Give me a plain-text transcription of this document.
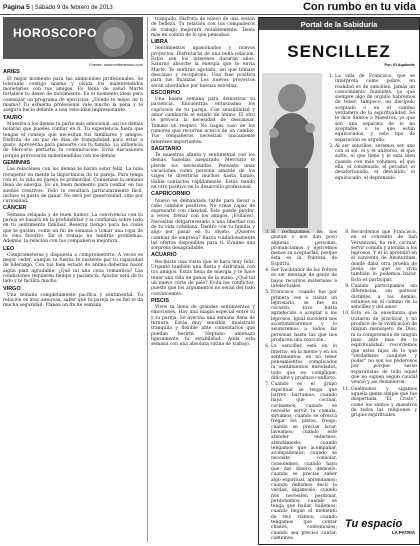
Página 5 | Sábado 9 de febrero de 2013	Con rumbo en tu vida
HOROSCOPO
Fuente: www.enfemenino.com
ARIES

El mejor momento para tus ambiciones profesionales. Se tolerante contigo misma y olvida los malentendidos monetarios con tus amigos. Es tema de salud Marte fortalece tu deseo de movimiento. Es el momento ideal para comenzar un programa de ejercicios. ¿Dónde te mejor de ti misma? Tu esfuerzo profesional vale mucho la pena y te asegura hacia delante a una velocidad impresionante.

TAURO

Muestra a los demás tu parte más emocional, así los demás notarán que puedes confiar en ti. Tu experiencia fuera que tengas el consejo que necesitan tus familiares y amigos. Disfruta de un par de días de tranquilidad para estar a gusto. Aprovecha para pasearte con tu familia. La influencia de Mercurio perturba tu comunicación. Evita discusiones porque provocarán malentendidos con los demás.

GEMINNIS

Las relaciones con los demás te harán estar feliz. La luna recuperar en mente la importancia de tu pareja. Para tenga con el, la vida en pareja es primordial. Comienzas la semana llena de energía. Es un buen momento para confiar en tus sueños creativos. Todo te resultará particularmente fácil, incluso el gusto de ganar. No será por generosidad, sino por curiosidad.

CÁNCER

Semana relajada y de buen humor. La convivencia con tu pareja se basará en la profundidad y la confianza sobre todo en tu sentimiento familiar. Reserva tiempo para las cosas que te gustan, como un fin de semana o tomar una copa de tu vino favorito. En el trabajo no tendrás problemas. Además, la relación con tus compañeros mejorará.

LEO

Comprometerse y dispuesta a comprometerte. A veces es mejor ceder, aunque tu fuerza te sustente por tu capacidad de liderazgo. Con tus bien estado de ánimo deberías hacer algún plan agradable. ¿Qué tal una cena romántica? Las condiciones requieren tiempo y paciencia. Ajustar será de tu lado y te facilita mucho.

VIRGO

Una semana completamente pacífica y sentimental. Tu relación es muy amorosa, saber que tu pareja te es fiel te da mucha seguridad. Planea un fin de semana

tranquilo. Disfruta de nuevo de una sesión de belleza. Tu relación con tus compañeros de trabajo mejorará notablemente. Tenés más en común de lo que pensabas.

LIBRA

Sentimientos apasionados y nuevos proyectos. Disfrutarás de una bella relación. Estos son los intereses durarán años. Saturno absorbe la energía que te envía Marte. Te sentirás agotada, así que tómate descanso y recupérate. Una fase positiva para tus finanzas. Los nuevos proyectos serán abordados por buenas estrellas.

ESCORPIO

Una buena semana para demostrar tu paciencia. Encuentras entusiasmo los caprichos de tu pareja. Con sensibilidad y amor cambiarás el estado de ánimo. El otro te provoca la necesidad de descansar. Tómate un respiro. No hagas caso de los rumores que recorren acerca de un cambio. Tus compañeros necesitan únicamente intereses importantes.

SAGITARIO

Te muestras afanta y sentimental con los demás. Sabehas asegurado, Mercurio te pierde los necesidades. Pensaste unas vacaciones como persona amante de los viajes te divertirás muchos hasta dando. Habla contactos rápidamente. Estás tiendo en otro positivo en lo desarrollo profesional.

CAPRICORNIO

Nuevo es demandado tarde para llevar a cabo cambios positivos. No creas capaz de expresarte con claridad. Esto puede perder, a veces, frenar con los amigos. ¡Evítalos!. Necesitas delgarteresado a una libertad con de tu vida cotidiana. Dentro con tu familia y algo por pasar en tu objeto. ¿Quieres cambiar de empresa? Busca cuidadosamente las ofertas disponibles para ti. Evaúne una sorpresa desagradable.

ACUARIO

Recibiste una visita que le hará muy feliz. Urgente también una fiesta y disfrútala con tus amigos. Estas llena de energía y te hace tener una vida de ganas de la mano. ¿Qué tal un nuevo corte de pelo? Evita los conflictos, puesto que los argumentos no serán del todo convincentes.

PISCIS

Vives tu llena de grandes sentimientos y emociones. Hay una magia especial entre tú y tu pareja. Se avecina una semana llena de ternura. Estás muy sensible, muéstrate tranquila y flexible ante comentarios que puedan herirte. Neptuno amenaza ligeramente tu estabilidad. Anda esta semana con una absoluta rutina de trabajo.

Portal de la Sabiduría
SENCILLEZ
Por: El Aquiloide
1. La vida de Francisco, que se interpreta como pobre, en realidad es de sencillez. Jamás un conocimiento humildes, ya que siempre algo de orgullo habremos de tener; tampoco, un discípulo aceptado o en el camino verdadero de la espiritualidad. Se le dice Santos o Maestros, ya que son una separata de lo no aceptable o le que están equivocados, y este tipo de separación es orgullo.
2. Al ser sencillos, seremos ser uno con el sol, el y el universo, el que sufre, el que tiene y le está bien cuando con más volumen, el que ella, el condenado, el pecador, el desafortunado, el desvalido, el equivocado, el deprensido.
3. Si rechazamos, no nos gustan o nos dan poco algunas personas, pronunciamos y ejercemos menos su aceptarlas, porque ésta es la Pobreza de Espíritu.
4. Ser Facilitador de los Pobres es ser mensaje de gente de bajos recursos materiales e intelectuales.
5. Francisco, cuando fue por primera vez a visitar un leprosario, se fue su corazón, tuvo hasta agradecido a aceptar a los leprosos. Igual sucederá nos acostumbraremos y lo asumiremos a todos las personas hasta las que nos producen una reacción.
6. La sencillez está en lo interno, en la mente y en los sentimientos; en no tener pensamientos complicados ni sentimientos enredados, todo que no complique, dificulte y produce conflicto.
7. Cuando es el grupo espiritual se tenga que barrer, barramos; cuando haya que cocinar, cocinemos; cuando se necesite servir la comida, sirvamos; cuando se ofrezca fregar los platos, friego; cuando se precise lavar, laveamos; cuando esté atender enfermos, atendámoslo; cuando tengamos que acompañar, acompañemos; cuando se necesite consolar, consolemos; cuando haya que dar dinero, démoslo; cuando se precise saber algo espiritual, aprendamos; cuando debamos decir la verdad, digámoslo; cuando nos necesiten perdonar, perdonemos; cuando se tenga que bailar, bailemos; cuando llegue el momento de reír, riamos; cuando tengamos que contar chistes, contemoslos; cuando sea preciso cantar, cantemos.
8. Recordemos que Francisco, en el convento de San Versenzoni, ha reír, cocinar, servir comida y atendía a los leprosos. Y él lo aprendió en el convento de Ámsterdam, donde daba otra prueba de Jesús, de que se vivía también lo podemos hacer. Esto es participar.
9. Cuando participamos sin diferencias, sin parecer distintos a los demás, estamos en el camino de la sencillez y del amor.
10. Esta es la enseñanza que trataron de practicar, y no produce de la vivificación de ningún mensajero de Dios, ni la comprensión de ningún paso ante más de la espiritualidad, recordemos que estos hijos de lo que "verdaderos caudales y poder" no son los poderosos por porque serán separatistas de todo aquel que no siguen según caudal venció y así desunieron.
11. Guiémonos y sigamos aquella gente simple que fue despertada "El Cristo", como los santos y maestros de todas las religiones y grupos espirituales.
Tu espacio
LA PATRIA
